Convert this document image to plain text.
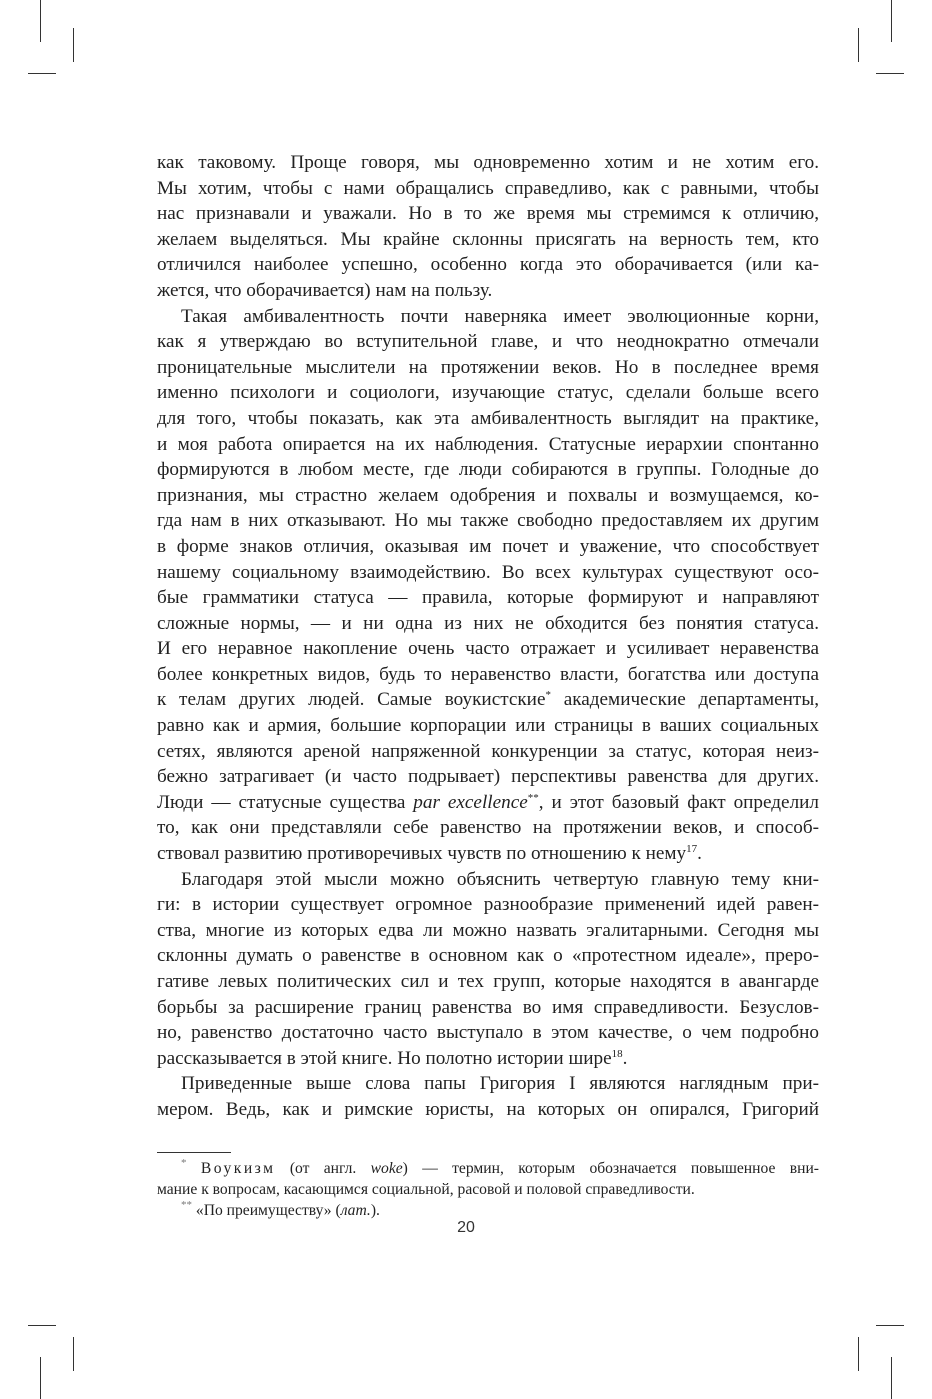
как таковому. Проще говоря, мы одновременно хотим и не хотим его.
Мы хотим, чтобы с нами обращались справедливо, как с равными, чтобы
нас признавали и уважали. Но в то же время мы стремимся к отличию,
желаем выделяться. Мы крайне склонны присягать на верность тем, кто
отличился наиболее успешно, особенно когда это оборачивается (или ка-
жется, что оборачивается) нам на пользу.
Такая амбивалентность почти наверняка имеет эволюционные корни,
как я утверждаю во вступительной главе, и что неоднократно отмечали
проницательные мыслители на протяжении веков. Но в последнее время
именно психологи и социологи, изучающие статус, сделали больше всего
для того, чтобы показать, как эта амбивалентность выглядит на практике,
и моя работа опирается на их наблюдения. Статусные иерархии спонтанно
формируются в любом месте, где люди собираются в группы. Голодные до
признания, мы страстно желаем одобрения и похвалы и возмущаемся, ко-
гда нам в них отказывают. Но мы также свободно предоставляем их другим
в форме знаков отличия, оказывая им почет и уважение, что способствует
нашему социальному взаимодействию. Во всех культурах существуют осо-
бые грамматики статуса — правила, которые формируют и направляют
сложные нормы, — и ни одна из них не обходится без понятия статуса.
И его неравное накопление очень часто отражает и усиливает неравенства
более конкретных видов, будь то неравенство власти, богатства или доступа
к телам других людей. Самые воукистские* академические департаменты,
равно как и армия, большие корпорации или страницы в ваших социальных
сетях, являются ареной напряженной конкуренции за статус, которая неиз-
бежно затрагивает (и часто подрывает) перспективы равенства для других.
Люди — статусные существа par excellence**, и этот базовый факт определил
то, как они представляли себе равенство на протяжении веков, и способ-
ствовал развитию противоречивых чувств по отношению к нему$^{17}$.
Благодаря этой мысли можно объяснить четвертую главную тему кни-
ги: в истории существует огромное разнообразие применений идей равен-
ства, многие из которых едва ли можно назвать эгалитарными. Сегодня мы
склонны думать о равенстве в основном как о «протестном идеале», преро-
гативе левых политических сил и тех групп, которые находятся в авангарде
борьбы за расширение границ равенства во имя справедливости. Безуслов-
но, равенство достаточно часто выступало в этом качестве, о чем подробно
рассказывается в этой книге. Но полотно истории шире$^{18}$.
Приведенные выше слова папы Григория I являются наглядным при-
мером. Ведь, как и римские юристы, на которых он опирался, Григорий
* Воукизм (от англ. woke) — термин, которым обозначается повышенное вни-
мание к вопросам, касающимся социальной, расовой и половой справедливости.
** «По преимуществу» (лат.).
20
